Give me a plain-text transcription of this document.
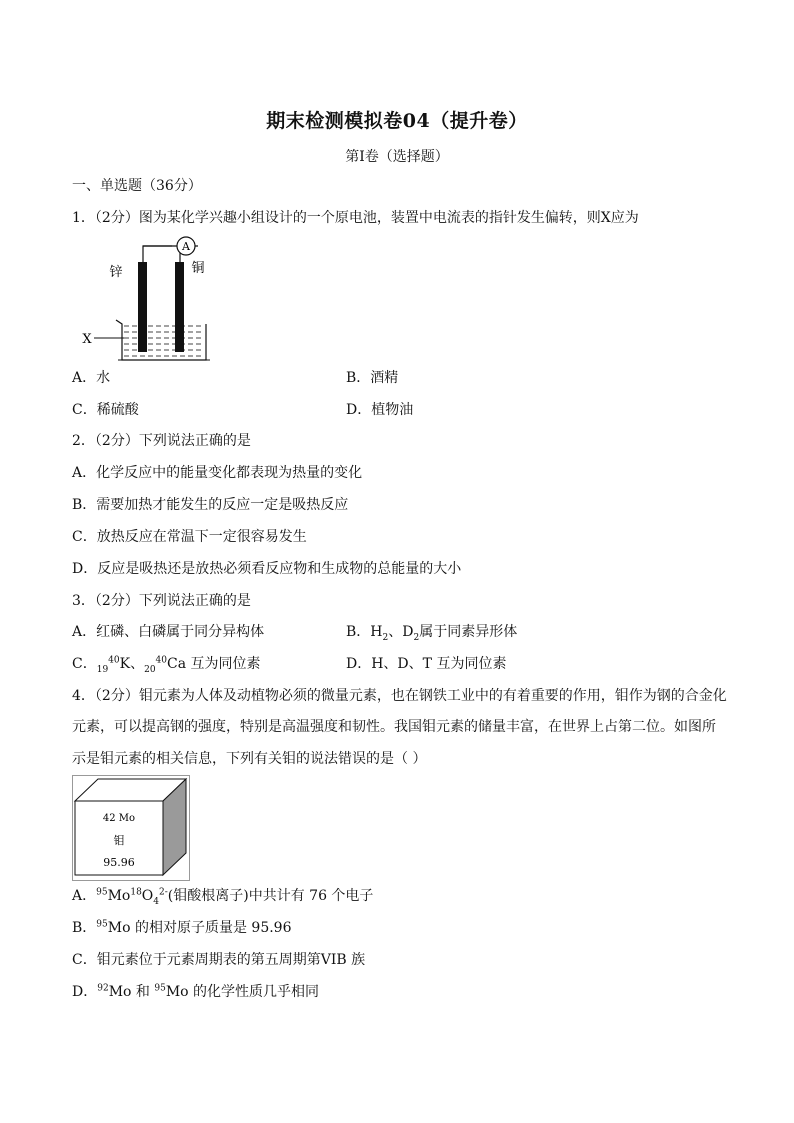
期末检测模拟卷04（提升卷）
第I卷（选择题）
一、单选题（36分）
1．（2分）图为某化学兴趣小组设计的一个原电池，装置中电流表的指针发生偏转，则X应为
A
锌	铜
X
A．水	B．酒精
C．稀硫酸	D．植物油
2．（2分）下列说法正确的是
A．化学反应中的能量变化都表现为热量的变化
B．需要加热才能发生的反应一定是吸热反应
C．放热反应在常温下一定很容易发生
D．反应是吸热还是放热必须看反应物和生成物的总能量的大小
3．（2分）下列说法正确的是
A．红磷、白磷属于同分异构体	B．$H_2$、$D_2$属于同素异形体
C．$_{19}^{40}$K、$_{20}^{40}$Ca 互为同位素	D．H、D、T 互为同位素
4．（2分）钼元素为人体及动植物必须的微量元素，也在钢铁工业中的有着重要的作用，钼作为钢的合金化
元素，可以提高钢的强度，特别是高温强度和韧性。我国钼元素的储量丰富，在世界上占第二位。如图所
示是钼元素的相关信息，下列有关钼的说法错误的是（ ）
42 Mo
钼
95.96
A．$^{95}Mo^{18}O_4^{2-}$(钼酸根离子)中共计有 76 个电子
B．$^{95}$Mo 的相对原子质量是 95.96
C．钼元素位于元素周期表的第五周期第VIB 族
D．$^{92}$Mo 和 $^{95}$Mo 的化学性质几乎相同
